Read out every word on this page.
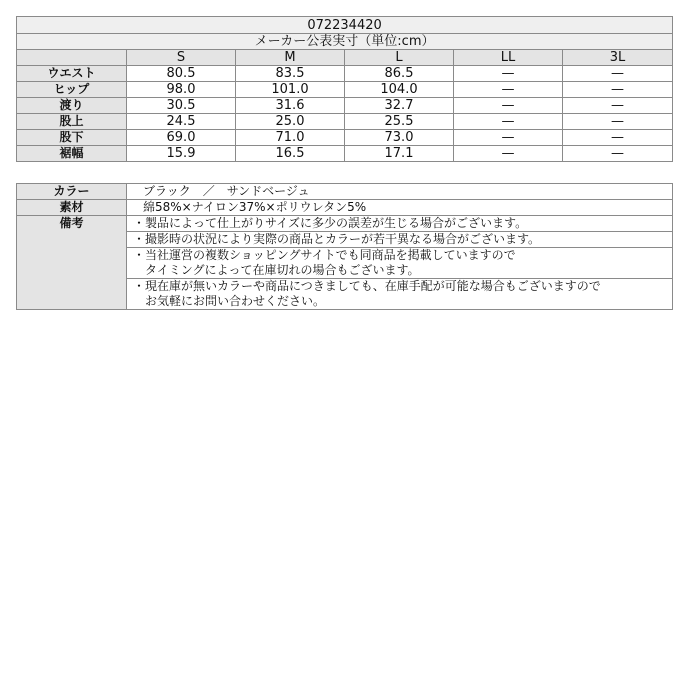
072234420					
メーカー公表実寸（単位:cm）					
	S	M	L	LL	3L
ウエスト	80.5	83.5	86.5	—	—
ヒップ	98.0	101.0	104.0	—	—
渡り	30.5	31.6	32.7	—	—
股上	24.5	25.0	25.5	—	—
股下	69.0	71.0	73.0	—	—
裾幅	15.9	16.5	17.1	—	—
カラー	ブラック　／　サンドベージュ
素材	綿58%×ナイロン37%×ポリウレタン5%
備考	・製品によって仕上がりサイズに多少の誤差が生じる場合がございます。

	・撮影時の状況により実際の商品とカラーが若干異なる場合がございます。

	・当社運営の複数ショッピングサイトでも同商品を掲載していますので
　タイミングによって在庫切れの場合もございます。

	・現在庫が無いカラーや商品につきましても、在庫手配が可能な場合もございますので
　お気軽にお問い合わせください。
